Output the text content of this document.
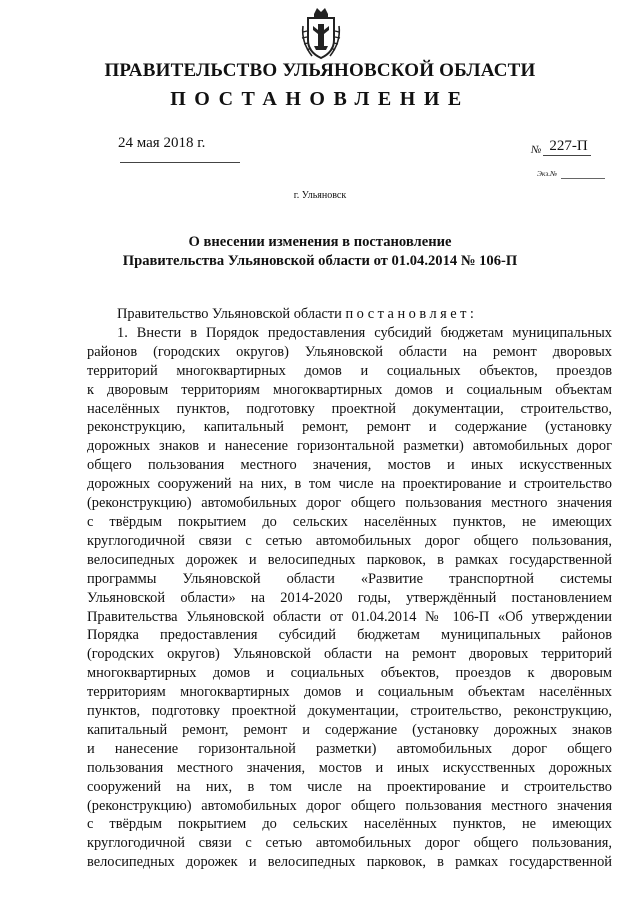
ПРАВИТЕЛЬСТВО УЛЬЯНОВСКОЙ ОБЛАСТИ
ПОСТАНОВЛЕНИЕ
24 мая 2018 г.	$_№$ 227-П
Экз.№
г. Ульяновск
О внесении изменения в постановление
Правительства Ульяновской области от 01.04.2014 № 106-П
Правительство Ульяновской области постановляет:
1. Внести в Порядок предоставления субсидий бюджетам муниципальных
районов (городских округов) Ульяновской области на ремонт дворовых
территорий многоквартирных домов и социальных объектов, проездов
к дворовым территориям многоквартирных домов и социальным объектам
населённых пунктов, подготовку проектной документации, строительство,
реконструкцию, капитальный ремонт, ремонт и содержание (установку
дорожных знаков и нанесение горизонтальной разметки) автомобильных дорог
общего пользования местного значения, мостов и иных искусственных
дорожных сооружений на них, в том числе на проектирование и строительство
(реконструкцию) автомобильных дорог общего пользования местного значения
с твёрдым покрытием до сельских населённых пунктов, не имеющих
круглогодичной связи с сетью автомобильных дорог общего пользования,
велосипедных дорожек и велосипедных парковок, в рамках государственной
программы Ульяновской области «Развитие транспортной системы
Ульяновской области» на 2014-2020 годы, утверждённый постановлением
Правительства Ульяновской области от 01.04.2014 № 106-П «Об утверждении
Порядка предоставления субсидий бюджетам муниципальных районов
(городских округов) Ульяновской области на ремонт дворовых территорий
многоквартирных домов и социальных объектов, проездов к дворовым
территориям многоквартирных домов и социальным объектам населённых
пунктов, подготовку проектной документации, строительство, реконструкцию,
капитальный ремонт, ремонт и содержание (установку дорожных знаков
и нанесение горизонтальной разметки) автомобильных дорог общего
пользования местного значения, мостов и иных искусственных дорожных
сооружений на них, в том числе на проектирование и строительство
(реконструкцию) автомобильных дорог общего пользования местного значения
с твёрдым покрытием до сельских населённых пунктов, не имеющих
круглогодичной связи с сетью автомобильных дорог общего пользования,
велосипедных дорожек и велосипедных парковок, в рамках государственной
